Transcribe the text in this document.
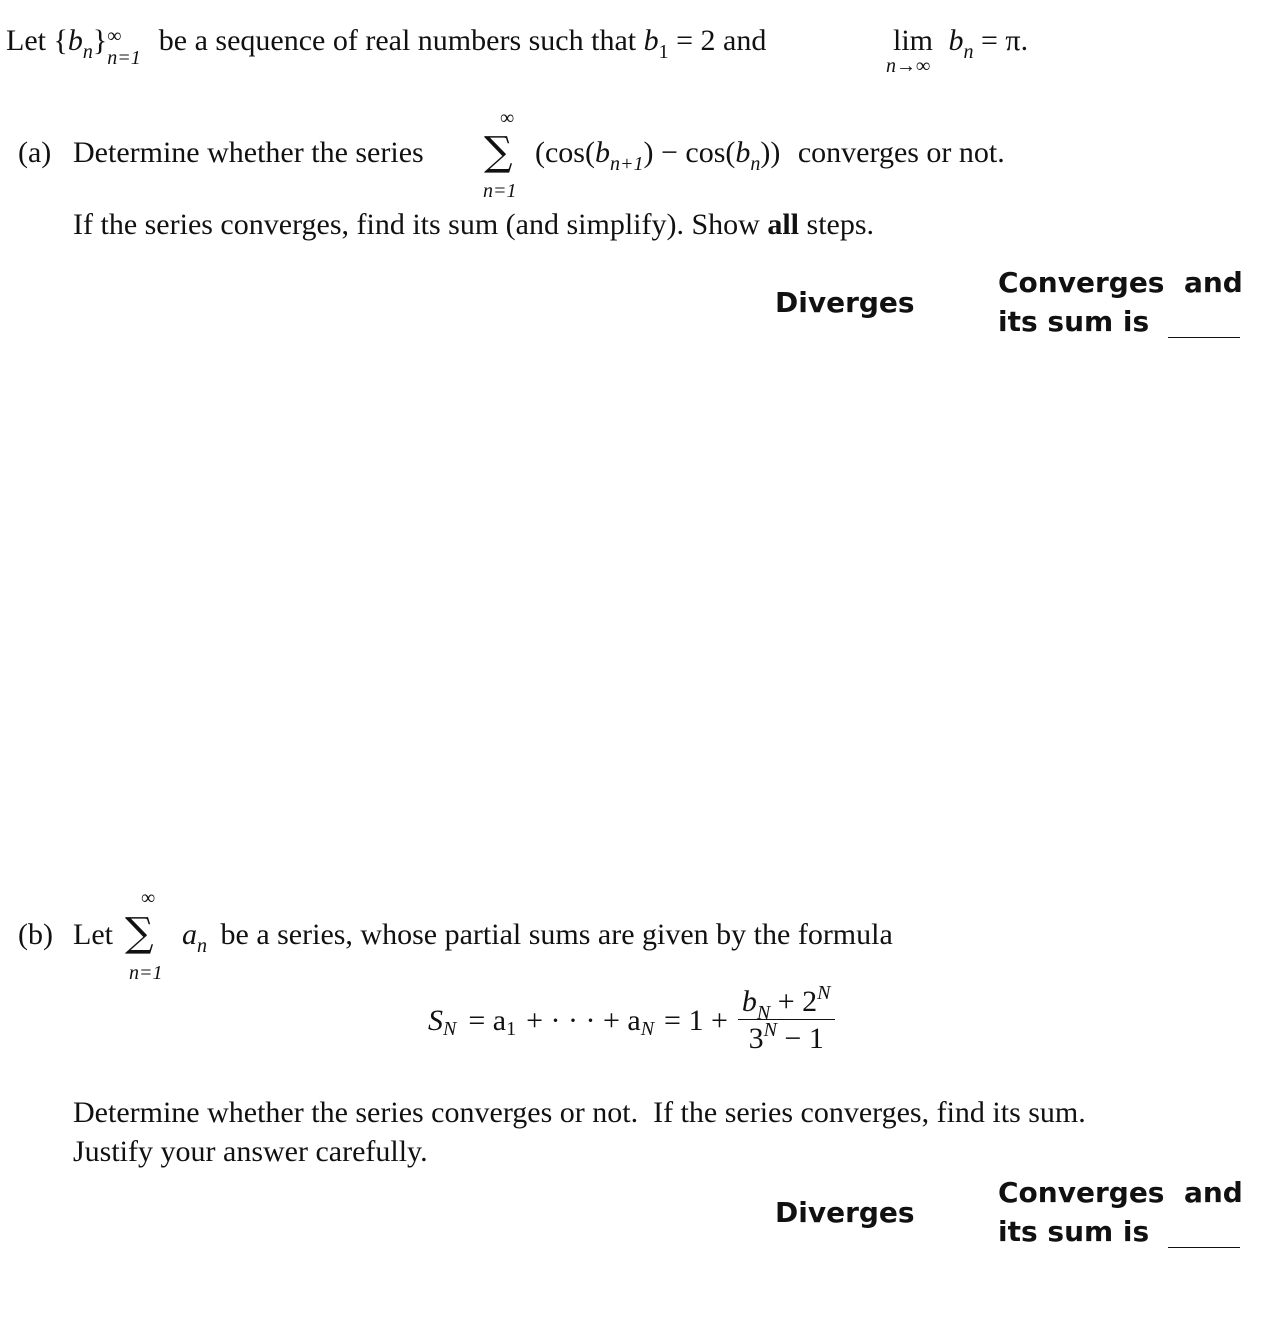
Let $\{b_n\}$ ∞
n=1
be a sequence of real numbers such that $b_1 = 2$ and	$\lim b_n = \pi$.
n→∞
(a) Determine whether the series
∞
∑
n=1
$(\cos(b_{n+1}) - \cos(b_n))$ converges or not.
If the series converges, find its sum (and simplify). Show all steps.
Diverges
Converges  and
its sum is
(b) Let
∞
∑
n=1
$a_n$ be a series, whose partial sums are given by the formula
S N = a 1 + · · · + a $N = 1 + \frac{b_N + 2^N}{3^N - 1}$
Determine whether the series converges or not.  If the series converges, find its sum.
Justify your answer carefully.
Diverges
Converges  and
its sum is
